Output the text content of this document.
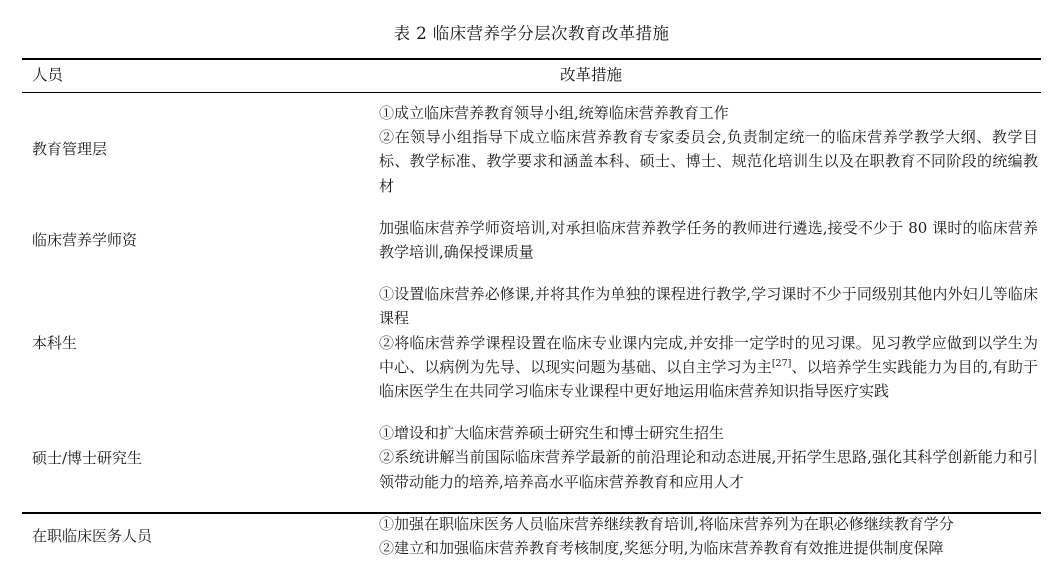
表 2 临床营养学分层次教育改革措施
人员	改革措施
教育管理层	①成立临床营养教育领导小组,统筹临床营养教育工作

②在领导小组指导下成立临床营养教育专家委员会,负责制定统一的临床营养学教学大纲、教学目标、教学标准、教学要求和涵盖本科、硕士、博士、规范化培训生以及在职教育不同阶段的统编教材

临床营养学师资	加强临床营养学师资培训,对承担临床营养教学任务的教师进行遴选,接受不少于 80 课时的临床营养教学培训,确保授课质量

本科生	①设置临床营养必修课,并将其作为单独的课程进行教学,学习课时不少于同级别其他内外妇儿等临床课程

②将临床营养学课程设置在临床专业课内完成,并安排一定学时的见习课。见习教学应做到以学生为中心、以病例为先导、以现实问题为基础、以自主学习为主[27]、以培养学生实践能力为目的,有助于临床医学生在共同学习临床专业课程中更好地运用临床营养知识指导医疗实践

硕士/博士研究生	①增设和扩大临床营养硕士研究生和博士研究生招生

②系统讲解当前国际临床营养学最新的前沿理论和动态进展,开拓学生思路,强化其科学创新能力和引领带动能力的培养,培养高水平临床营养教育和应用人才

在职临床医务人员	①加强在职临床医务人员临床营养继续教育培训,将临床营养列为在职必修继续教育学分

②建立和加强临床营养教育考核制度,奖惩分明,为临床营养教育有效推进提供制度保障
